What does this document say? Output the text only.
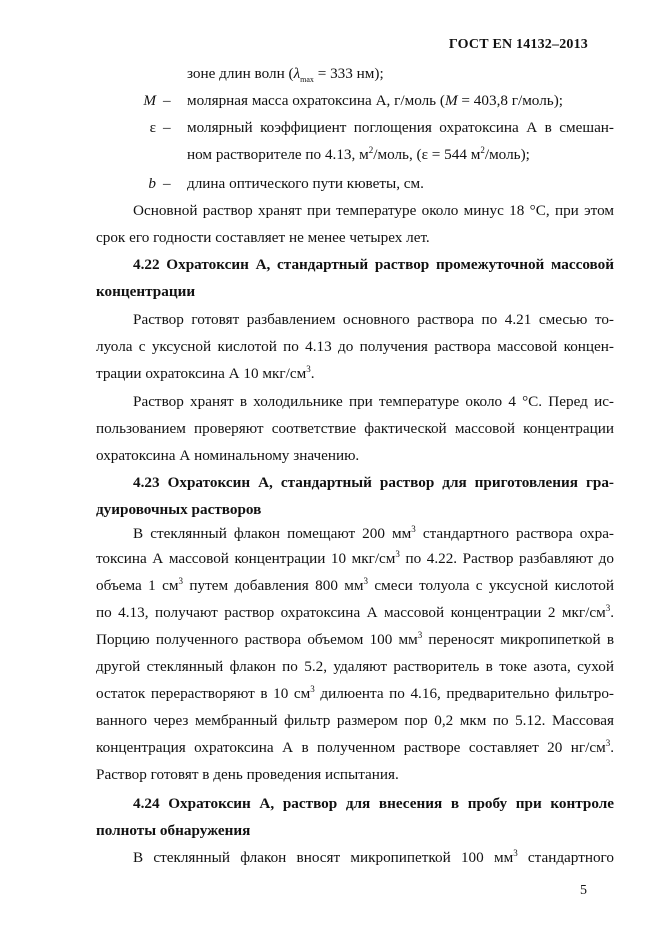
ГОСТ EN 14132–2013
зоне длин волн ($\lambda_{max} = 333$ нм);
M – молярная масса охратоксина А, г/моль (M = 403,8 г/моль);
ε – молярный коэффициент поглощения охратоксина А в смешан-
ном растворителе по 4.13, $м^2$/моль, (ε = 544 $м^2/моль$);
b – длина оптического пути кюветы, см.
Основной раствор хранят при температуре около минус 18 °С, при этом
срок его годности составляет не менее четырех лет.
4.22 Охратоксин А, стандартный раствор промежуточной массовой
концентрации
Раствор готовят разбавлением основного раствора по 4.21 смесью то-
луола с уксусной кислотой по 4.13 до получения раствора массовой концен-
трации охратоксина А 10 мкг/$см^3$.
Раствор хранят в холодильнике при температуре около 4 °С. Перед ис-
пользованием проверяют соответствие фактической массовой концентрации
охратоксина А номинальному значению.
4.23 Охратоксин А, стандартный раствор для приготовления гра-
дуировочных растворов
В стеклянный флакон помещают 200 $мм^3$ стандартного раствора охра-
токсина А массовой концентрации 10 мкг/$см^3$ по 4.22. Раствор разбавляют до
объема 1 $см^3$ путем добавления 800 $мм^3$ смеси толуола с уксусной кислотой
по 4.13, получают раствор охратоксина А массовой концентрации 2 мкг/$см^3$.
Порцию полученного раствора объемом 100 $мм^3$ переносят микропипеткой в
другой стеклянный флакон по 5.2, удаляют растворитель в токе азота, сухой
остаток перерастворяют в 10 $см^3$ дилюента по 4.16, предварительно фильтро-
ванного через мембранный фильтр размером пор 0,2 мкм по 5.12. Массовая
концентрация охратоксина А в полученном растворе составляет 20 $нг/см^3$.
Раствор готовят в день проведения испытания.
4.24 Охратоксин А, раствор для внесения в пробу при контроле
полноты обнаружения
В стеклянный флакон вносят микропипеткой 100 $мм^3$ стандартного
5
